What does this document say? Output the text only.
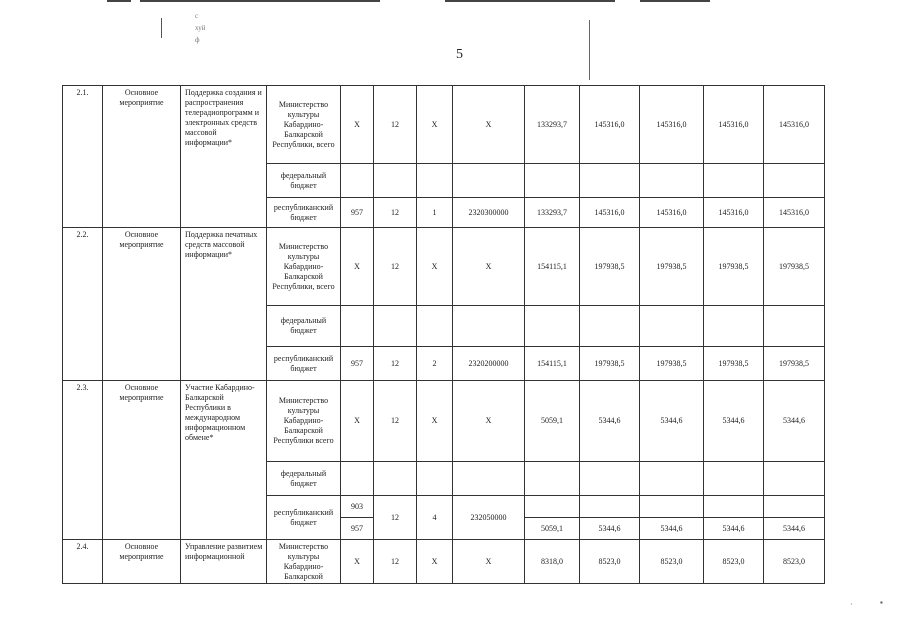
с
хуй
ф
5
2.1.	Основное мероприятие	Поддержка создания и распространения телерадиопрограмм и электронных средств массовой информации*	Министерство культуры Кабардино-Балкарской Республики, всего	X	12	X	X	133293,7	145316,0	145316,0	145316,0	145316,0
			федеральный бюджет									
			республиканский бюджет	957	12	1	2320300000	133293,7	145316,0	145316,0	145316,0	145316,0
2.2.	Основное мероприятие	Поддержка печатных средств массовой информации*	Министерство культуры Кабардино-Балкарской Республики, всего	X	12	X	X	154115,1	197938,5	197938,5	197938,5	197938,5
			федеральный бюджет									
			республиканский бюджет	957	12	2	2320200000	154115,1	197938,5	197938,5	197938,5	197938,5
2.3.	Основное мероприятие	Участие Кабардино-Балкарской Республики в международном информационном обмене*	Министерство культуры Кабардино-Балкарской Республики всего	X	12	X	X	5059,1	5344,6	5344,6	5344,6	5344,6
			федеральный бюджет									
			республиканский бюджет	903	12	4	232050000					
				957				5059,1	5344,6	5344,6	5344,6	5344,6
2.4.	Основное мероприятие	Управление развитием информационной	Министерство культуры Кабардино-Балкарской	X	12	X	X	8318,0	8523,0	8523,0	8523,0	8523,0
·	▪
